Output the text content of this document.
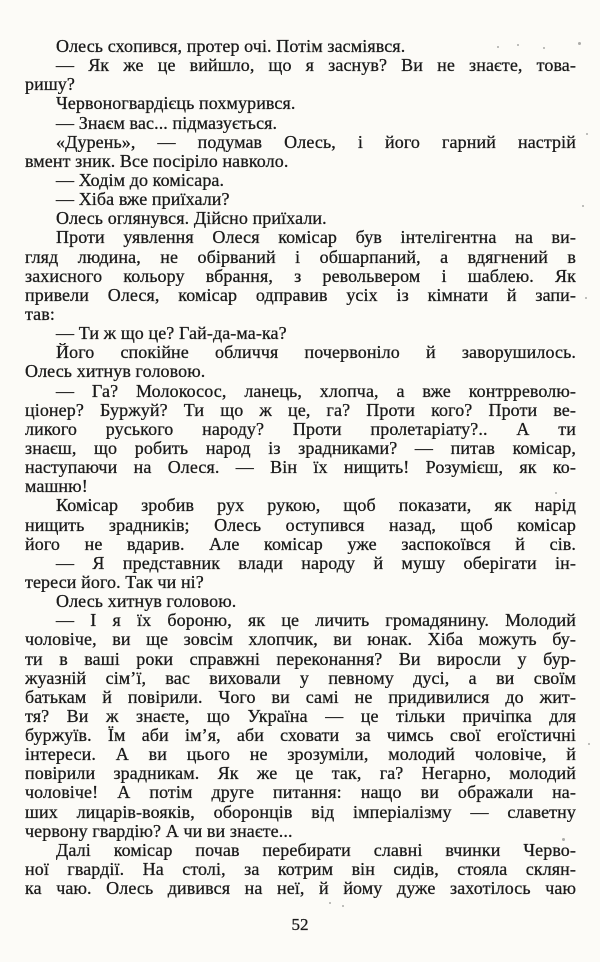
Олесь схопився, протер очі. Потім засміявся.
— Як же це вийшло, що я заснув? Ви не знаєте, това-
ришу?
Червоногвардієць похмурився.
— Знаєм вас... підмазується.
«Дурень», — подумав Олесь, і його гарний настрій
вмент зник. Все посіріло навколо.
— Ходім до комісара.
— Хіба вже приїхали?
Олесь оглянувся. Дійсно приїхали.
Проти уявлення Олеся комісар був інтелігентна на ви-
гляд людина, не обірваний і обшарпаний, а вдягнений в
захисного кольору вбрання, з револьвером і шаблею. Як
привели Олеся, комісар одправив усіх із кімнати й запи-
тав:
— Ти ж що це? Гай-да-ма-ка?
Його спокійне обличчя почервоніло й заворушилось.
Олесь хитнув головою.
— Га? Молокосос, ланець, хлопча, а вже контрреволю-
ціонер? Буржуй? Ти що ж це, га? Проти кого? Проти ве-
ликого руського народу? Проти пролетаріату?.. А ти
знаєш, що робить народ із зрадниками? — питав комісар,
наступаючи на Олеся. — Він їх нищить! Розумієш, як ко-
машню!
Комісар зробив рух рукою, щоб показати, як нарід
нищить зрадників; Олесь оступився назад, щоб комісар
його не вдарив. Але комісар уже заспокоївся й сів.
— Я представник влади народу й мушу оберігати ін-
тереси його. Так чи ні?
Олесь хитнув головою.
— І я їх бороню, як це личить громадянину. Молодий
чоловіче, ви ще зовсім хлопчик, ви юнак. Хіба можуть бу-
ти в ваші роки справжні переконання? Ви виросли у бур-
жуазній сім’ї, вас виховали у певному дусі, а ви своїм
батькам й повірили. Чого ви самі не придивилися до жит-
тя? Ви ж знаєте, що Україна — це тільки причіпка для
буржуїв. Їм аби ім’я, аби сховати за чимсь свої егоїстичні
інтереси. А ви цього не зрозуміли, молодий чоловіче, й
повірили зрадникам. Як же це так, га? Негарно, молодий
чоловіче! А потім друге питання: нащо ви ображали на-
ших лицарів-вояків, оборонців від імперіалізму — славетну
червону гвардію? А чи ви знаєте...
Далі комісар почав перебирати славні вчинки Черво-
ної гвардії. На столі, за котрим він сидів, стояла склян-
ка чаю. Олесь дивився на неї, й йому дуже захотілось чаю
52
